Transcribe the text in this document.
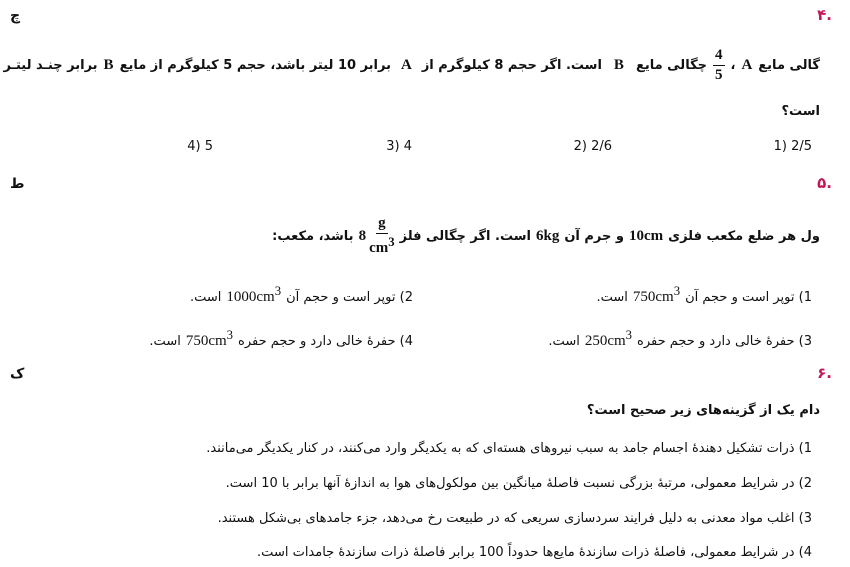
۴.
چ
گالی مایع
A
،
$\frac{4}{5}$
چگالی مایع
B
است. اگر حجم 8 کیلوگرم از
A
برابر 10 لیتر باشد، حجم 5 کیلوگرم از مایع
B
برابر چنـد لیتـر
است؟
2/5 (1
2/6 (2
4 (3
5 (4
۵.
ط
ول هر ضلع مکعب فلزی
10cm
و جرم آن
6kg
است. اگر چگالی فلز
$8 \frac{g}{cm^3}$
باشد، مکعب:
1) توپر است و حجم آن
$750cm^3$
است.
2) توپر است و حجم آن
$1000cm^3$
است.
3) حفرهٔ خالی دارد و حجم حفره
$250cm^3$
است.
4) حفرهٔ خالی دارد و حجم حفره
$750cm^3$
است.
۶.
ک
دام یک از گزینه‌های زیر صحیح است؟
1) ذرات تشکیل دهندهٔ اجسام جامد به سبب نیروهای هسته‌ای که به یکدیگر وارد می‌کنند، در کنار یکدیگر می‌مانند.
2) در شرایط معمولی، مرتبهٔ بزرگی نسبت فاصلهٔ میانگین بین مولکول‌های هوا به اندازهٔ آنها برابر با 10 است.
3) اغلب مواد معدنی به دلیل فرایند سردسازی سریعی که در طبیعت رخ می‌دهد، جزء جامدهای بی‌شکل هستند.
4) در شرایط معمولی، فاصلهٔ ذرات سازندهٔ مایع‌ها حدوداً 100 برابر فاصلهٔ ذرات سازندهٔ جامدات است.
